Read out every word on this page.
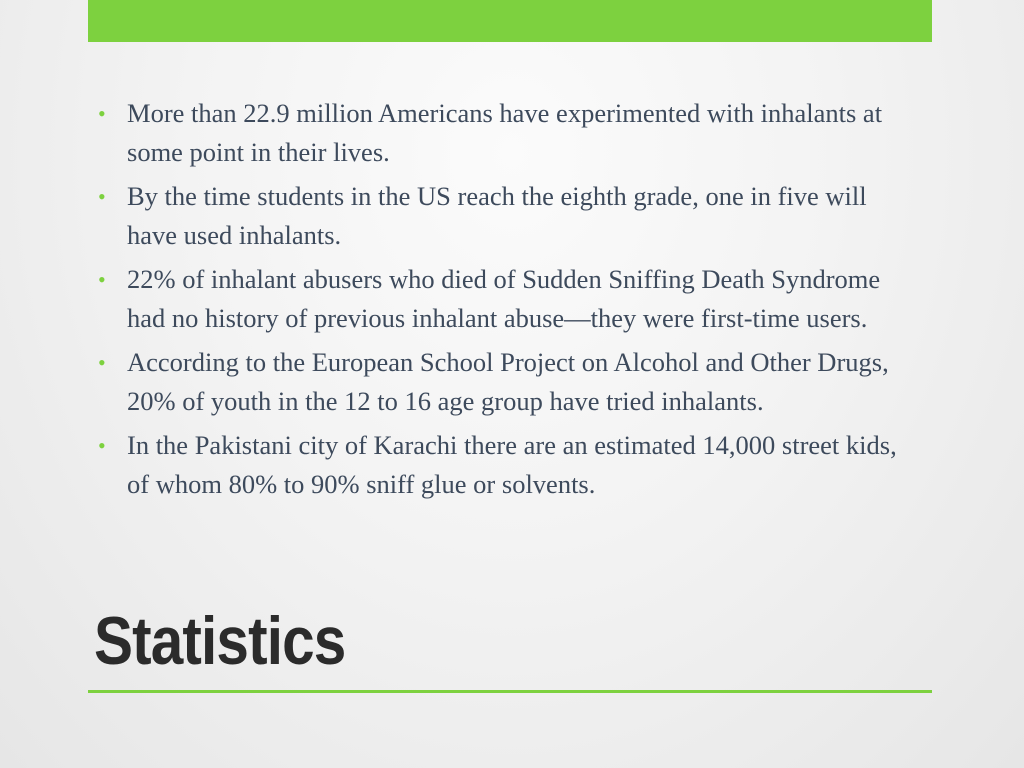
• More than 22.9 million Americans have experimented with inhalants at some point in their lives.
• By the time students in the US reach the eighth grade, one in five will have used inhalants.
• 22% of inhalant abusers who died of Sudden Sniffing Death Syndrome had no history of previous inhalant abuse—they were first-time users.
• According to the European School Project on Alcohol and Other Drugs, 20% of youth in the 12 to 16 age group have tried inhalants.
• In the Pakistani city of Karachi there are an estimated 14,000 street kids, of whom 80% to 90% sniff glue or solvents.
Statistics
